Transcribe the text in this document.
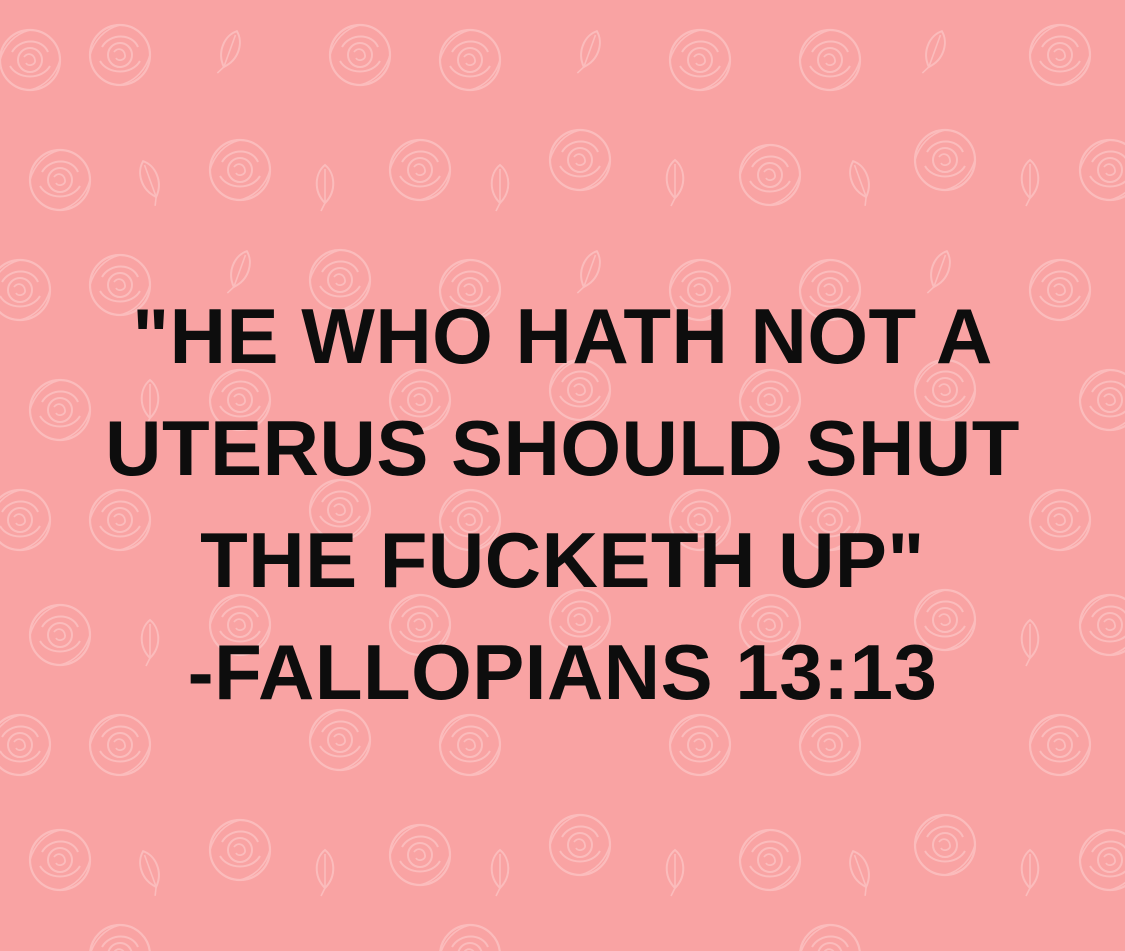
"HE WHO HATH NOT A
UTERUS SHOULD SHUT
THE FUCKETH UP"
-FALLOPIANS 13:13
